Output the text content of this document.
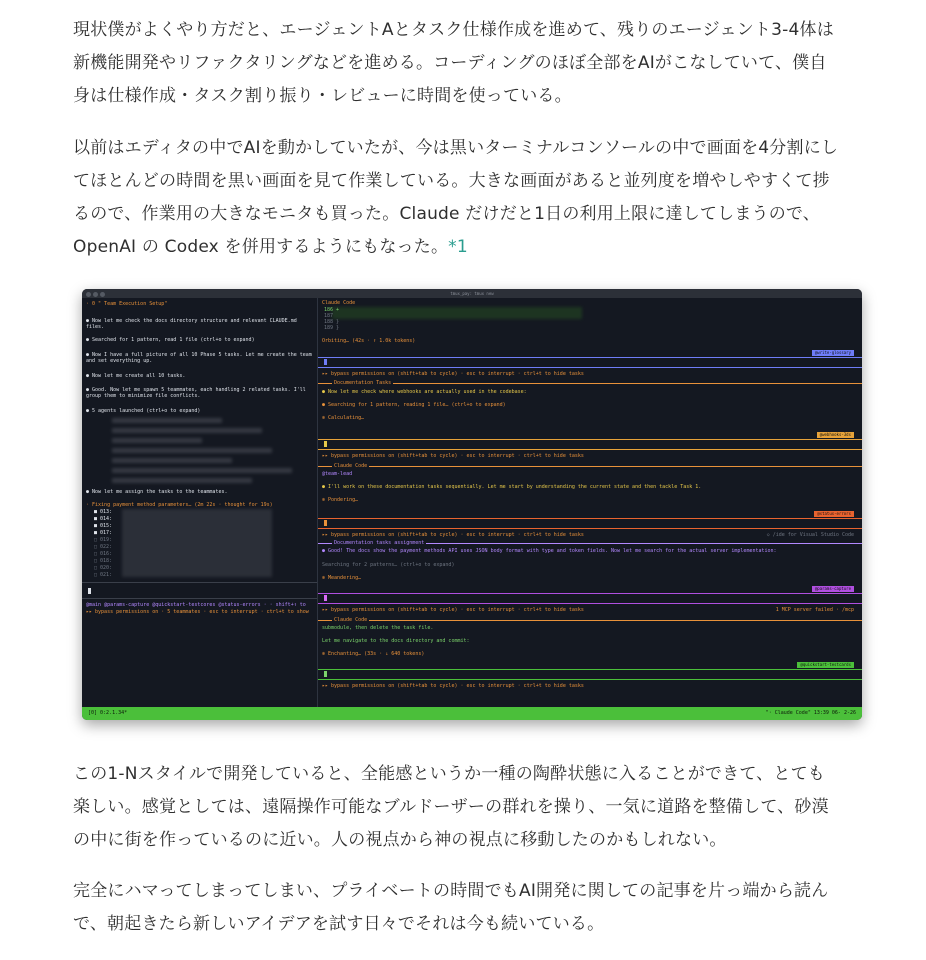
現状僕がよくやり方だと、エージェントAとタスク仕様作成を進めて、残りのエージェント3-4体は
新機能開発やリファクタリングなどを進める。コーディングのほぼ全部をAIがこなしていて、僕自
身は仕様作成・タスク割り振り・レビューに時間を使っている。

以前はエディタの中でAIを動かしていたが、今は黒いターミナルコンソールの中で画面を4分割にし
てほとんどの時間を黒い画面を見て作業している。大きな画面があると並列度を増やしやすくて捗
るので、作業用の大きなモニタも買った。Claude だけだと1日の利用上限に達してしまうので、
OpenAI の Codex を併用するようにもなった。*1

tmux_pay: tmux new
· 0 " Team Execution Setup"
● Now let me check the docs directory structure and relevant CLAUDE.md
files.
● Searched for 1 pattern, read 1 file (ctrl+o to expand)
● Now I have a full picture of all 10 Phase 5 tasks. Let me create the team
and set everything up.
● Now let me create all 10 tasks.
● Good. Now let me spawn 5 teammates, each handling 2 related tasks. I'll
group them to minimize file conflicts.
● 5 agents launched (ctrl+o to expand)
● Now let me assign the tasks to the teammates.
· Fixing payment method parameters… (2m 22s · thought for 19s)
■ 013:
■ 014:
■ 015:
■ 017:
□ 019:
□ 022:
□ 016:
□ 018:
□ 020:
□ 021:
@main @params-capture @quickstart-testcores @status-errors · · shift+↑ to
▸▸ bypass permissions on · 5 teammates · esc to interrupt · ctrl+t to show
Claude Code
186 +
187
188 }
189 }
Orbiting… (42s · ↑ 1.0k tokens)
@write-glossary
▸▸ bypass permissions on (shift+tab to cycle) · esc to interrupt · ctrl+t to hide tasks
Documentation Tasks
● Now let me check where webhooks are actually used in the codebase:
● Searching for 1 pattern, reading 1 file… (ctrl+o to expand)
✻ Calculating…
@webhooks-3ds
▸▸ bypass permissions on (shift+tab to cycle) · esc to interrupt · ctrl+t to hide tasks
Claude Code
@team-lead
● I'll work on these documentation tasks sequentially. Let me start by understanding the current state and then tackle Task 1.
✻ Pondering…
@status-errors
▸▸ bypass permissions on (shift+tab to cycle) · esc to interrupt · ctrl+t to hide tasks	◇ /ide for Visual Studio Code
Documentation tasks assignment
● Good! The docs show the payment methods API uses JSON body format with type and token fields. Now let me search for the actual server implementation:
Searching for 2 patterns… (ctrl+o to expand)
✻ Meandering…
@params-capture
▸▸ bypass permissions on (shift+tab to cycle) · esc to interrupt · ctrl+t to hide tasks	1 MCP server failed · /mcp
Claude Code
submodule, then delete the task file.
Let me navigate to the docs directory and commit:
✻ Enchanting… (33s · ↓ 640 tokens)
@quickstart-testcards
▸▸ bypass permissions on (shift+tab to cycle) · esc to interrupt · ctrl+t to hide tasks
[0] 0:2.1.34*	"· Claude Code" 13:39 06- 2-26

この1-Nスタイルで開発していると、全能感というか一種の陶酔状態に入ることができて、とても
楽しい。感覚としては、遠隔操作可能なブルドーザーの群れを操り、一気に道路を整備して、砂漠
の中に街を作っているのに近い。人の視点から神の視点に移動したのかもしれない。

完全にハマってしまってしまい、プライベートの時間でもAI開発に関しての記事を片っ端から読ん
で、朝起きたら新しいアイデアを試す日々でそれは今も続いている。
